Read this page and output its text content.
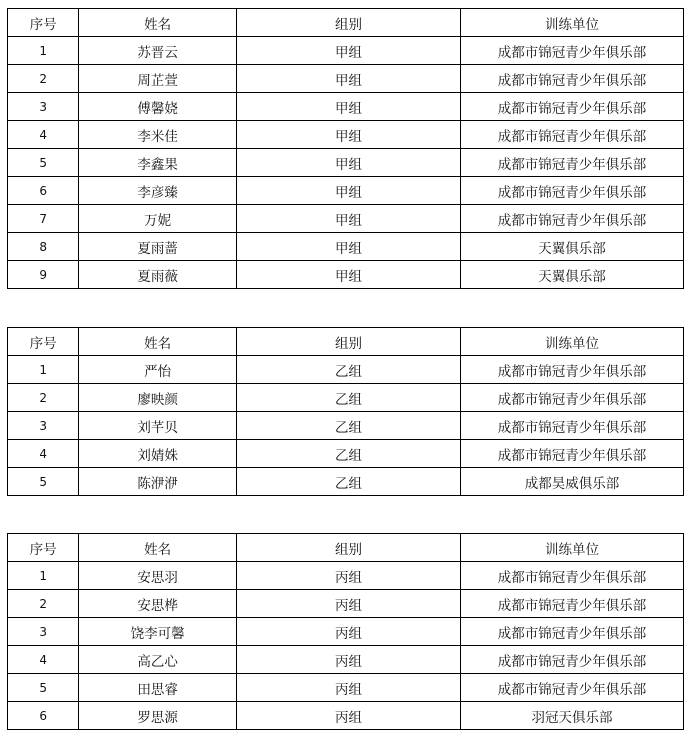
序号	姓名	组别	训练单位
1	苏晋云	甲组	成都市锦冠青少年俱乐部
2	周芷萱	甲组	成都市锦冠青少年俱乐部
3	傅馨娆	甲组	成都市锦冠青少年俱乐部
4	李米佳	甲组	成都市锦冠青少年俱乐部
5	李鑫果	甲组	成都市锦冠青少年俱乐部
6	李彦臻	甲组	成都市锦冠青少年俱乐部
7	万妮	甲组	成都市锦冠青少年俱乐部
8	夏雨蔷	甲组	天翼俱乐部
9	夏雨薇	甲组	天翼俱乐部
序号	姓名	组别	训练单位
1	严怡	乙组	成都市锦冠青少年俱乐部
2	廖映颜	乙组	成都市锦冠青少年俱乐部
3	刘芊贝	乙组	成都市锦冠青少年俱乐部
4	刘婧姝	乙组	成都市锦冠青少年俱乐部
5	陈洢洢	乙组	成都昊威俱乐部
序号	姓名	组别	训练单位
1	安思羽	丙组	成都市锦冠青少年俱乐部
2	安思桦	丙组	成都市锦冠青少年俱乐部
3	饶李可馨	丙组	成都市锦冠青少年俱乐部
4	高乙心	丙组	成都市锦冠青少年俱乐部
5	田思睿	丙组	成都市锦冠青少年俱乐部
6	罗思源	丙组	羽冠天俱乐部
